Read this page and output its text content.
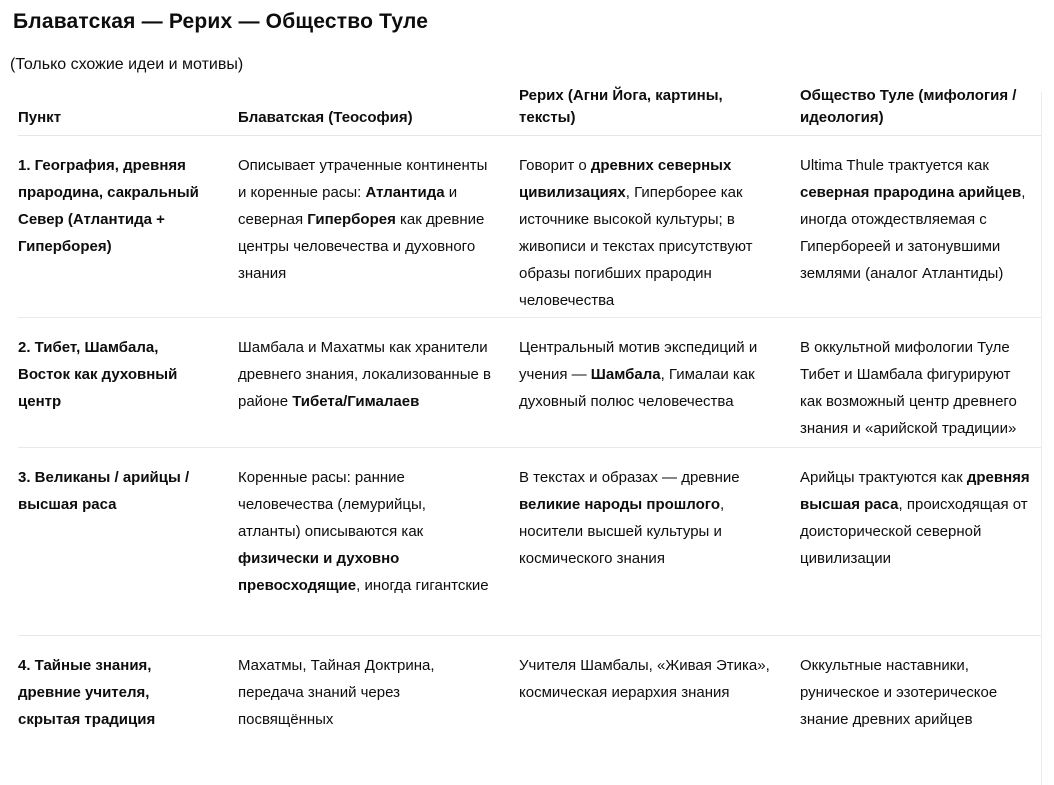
Блаватская — Рерих — Общество Туле

(Только схожие идеи и мотивы)

Пункт	Блаватская (Теософия)	Рерих (Агни Йога, картины, тексты)	Общество Туле (мифология / идеология)
1. География, древняя прародина, сакральный Север (Атлантида + Гиперборея)	Описывает утраченные континенты и коренные расы: Атлантида и северная Гиперборея как древние центры человечества и духовного знания	Говорит о древних северных цивилизациях, Гиперборее как источнике высокой культуры; в живописи и текстах присутствуют образы погибших прародин человечества	Ultima Thule трактуется как северная прародина арийцев, иногда отождествляемая с Гипербореей и затонувшими землями (аналог Атлантиды)
2. Тибет, Шамбала, Восток как духовный центр	Шамбала и Махатмы как хранители древнего знания, локализованные в районе Тибета/Гималаев	Центральный мотив экспедиций и учения — Шамбала, Гималаи как духовный полюс человечества	В оккультной мифологии Туле Тибет и Шамбала фигурируют как возможный центр древнего знания и «арийской традиции»
3. Великаны / арийцы / высшая раса	Коренные расы: ранние человечества (лемурийцы, атланты) описываются как физически и духовно превосходящие, иногда гигантские	В текстах и образах — древние великие народы прошлого, носители высшей культуры и космического знания	Арийцы трактуются как древняя высшая раса, происходящая от доисторической северной цивилизации
4. Тайные знания, древние учителя, скрытая традиция	Махатмы, Тайная Доктрина, передача знаний через посвящённых	Учителя Шамбалы, «Живая Этика», космическая иерархия знания	Оккультные наставники, руническое и эзотерическое знание древних арийцев
